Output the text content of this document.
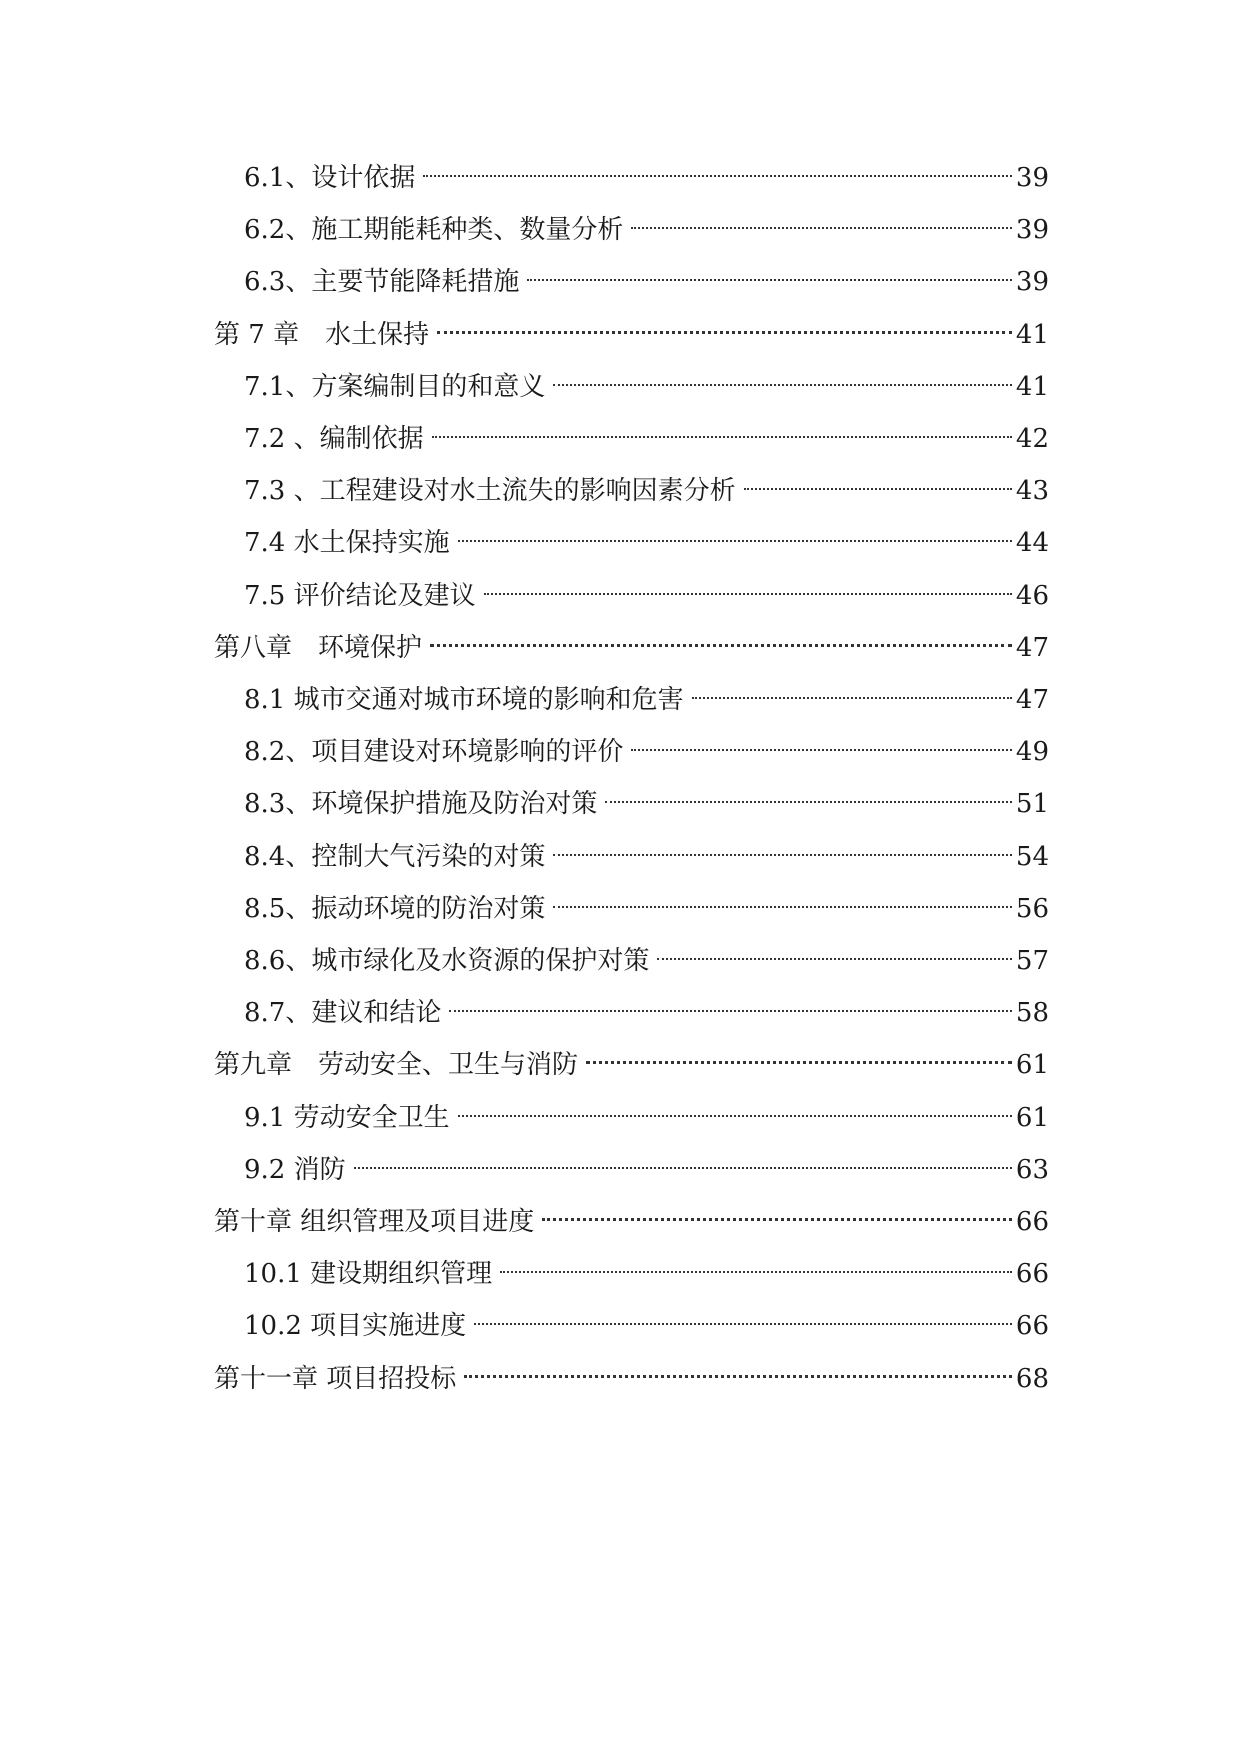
6.1、设计依据	39
6.2、施工期能耗种类、数量分析	39
6.3、主要节能降耗措施	39
第 7 章　水土保持	41
7.1、方案编制目的和意义	41
7.2 、编制依据	42
7.3 、工程建设对水土流失的影响因素分析	43
7.4 水土保持实施	44
7.5 评价结论及建议	46
第八章　环境保护	47
8.1 城市交通对城市环境的影响和危害	47
8.2、项目建设对环境影响的评价	49
8.3、环境保护措施及防治对策	51
8.4、控制大气污染的对策	54
8.5、振动环境的防治对策	56
8.6、城市绿化及水资源的保护对策	57
8.7、建议和结论	58
第九章　劳动安全、卫生与消防	61
9.1 劳动安全卫生	61
9.2 消防	63
第十章 组织管理及项目进度	66
10.1 建设期组织管理	66
10.2 项目实施进度	66
第十一章 项目招投标	68
